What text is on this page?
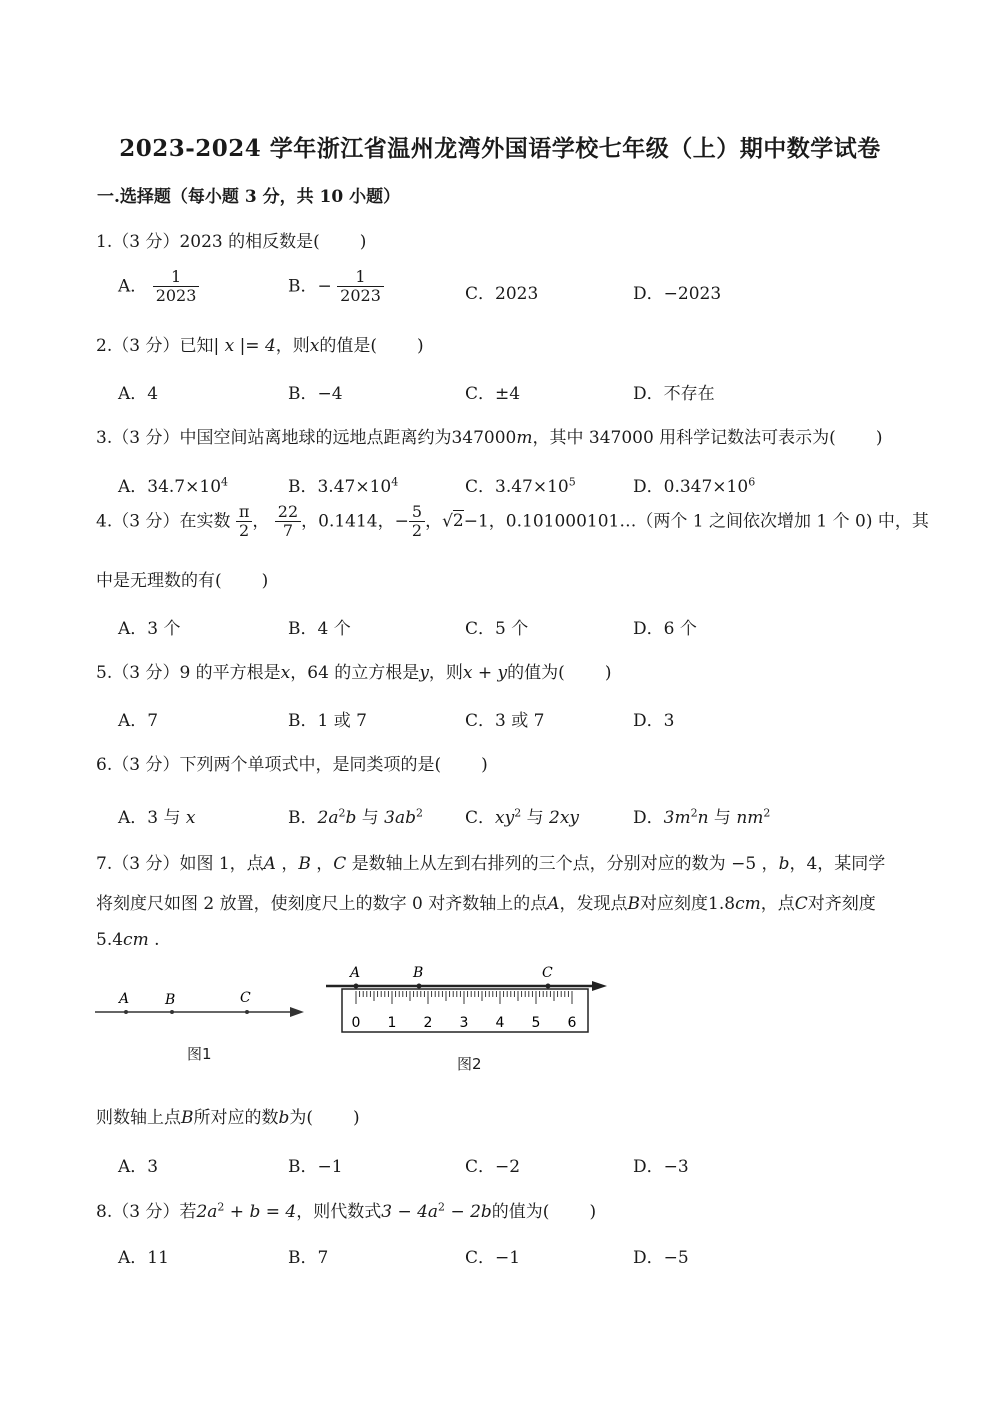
2023-2024 学年浙江省温州龙湾外国语学校七年级（上）期中数学试卷
一.选择题（每小题 3 分，共 10 小题）
1.（3 分）2023 的相反数是( )
A． $\frac{1}{2023}$	B．− $\frac{1}{2023}$	C．2023	D．−2023
2.（3 分）已知| x |= 4，则x的值是( )
A．4	B．−4	C．±4	D．不存在
3.（3 分）中国空间站离地球的远地点距离约为347000m，其中 347000 用科学记数法可表示为( )
A．$34.7\times 10^4$	B．$3.47\times 10^4$	C．$3.47\times 10^5$	D．$0.347\times 10^6$
4.（3 分）在实数 $\frac{\pi}{2}$ ， $\frac{22}{7}$ ，0.1414，− $\frac{5}{2}$ ，√2−1，0.101000101…（两个 1 之间依次增加 1 个 0) 中，其
中是无理数的有( )
A．3 个	B．4 个	C．5 个	D．6 个
5.（3 分）9 的平方根是x，64 的立方根是y，则x + y的值为( )
A．7	B．1 或 7	C．3 或 7	D．3
6.（3 分）下列两个单项式中，是同类项的是( )
A．3 与 x	B．$2a^2b$ 与 $3ab^2$ C．$xy^2$ 与 2xy	D．$3m^2n$ 与 $nm^2$
7.（3 分）如图 1，点A ，B ，C 是数轴上从左到右排列的三个点，分别对应的数为 −5 ，b，4，某同学
将刻度尺如图 2 放置，使刻度尺上的数字 0 对齐数轴上的点A，发现点B对应刻度1.8cm，点C对齐刻度
5.4cm .
A	B	C
图1
A	B	C
0 1 2 3 4 5 6
图2
则数轴上点B所对应的数b为( )
A．3	B．−1	C．−2	D．−3
8.（3 分）若$2a^2 + b = 4$，则代数式$3 - 4a^2 - 2b$的值为( )
A．11	B．7	C．−1	D．−5
